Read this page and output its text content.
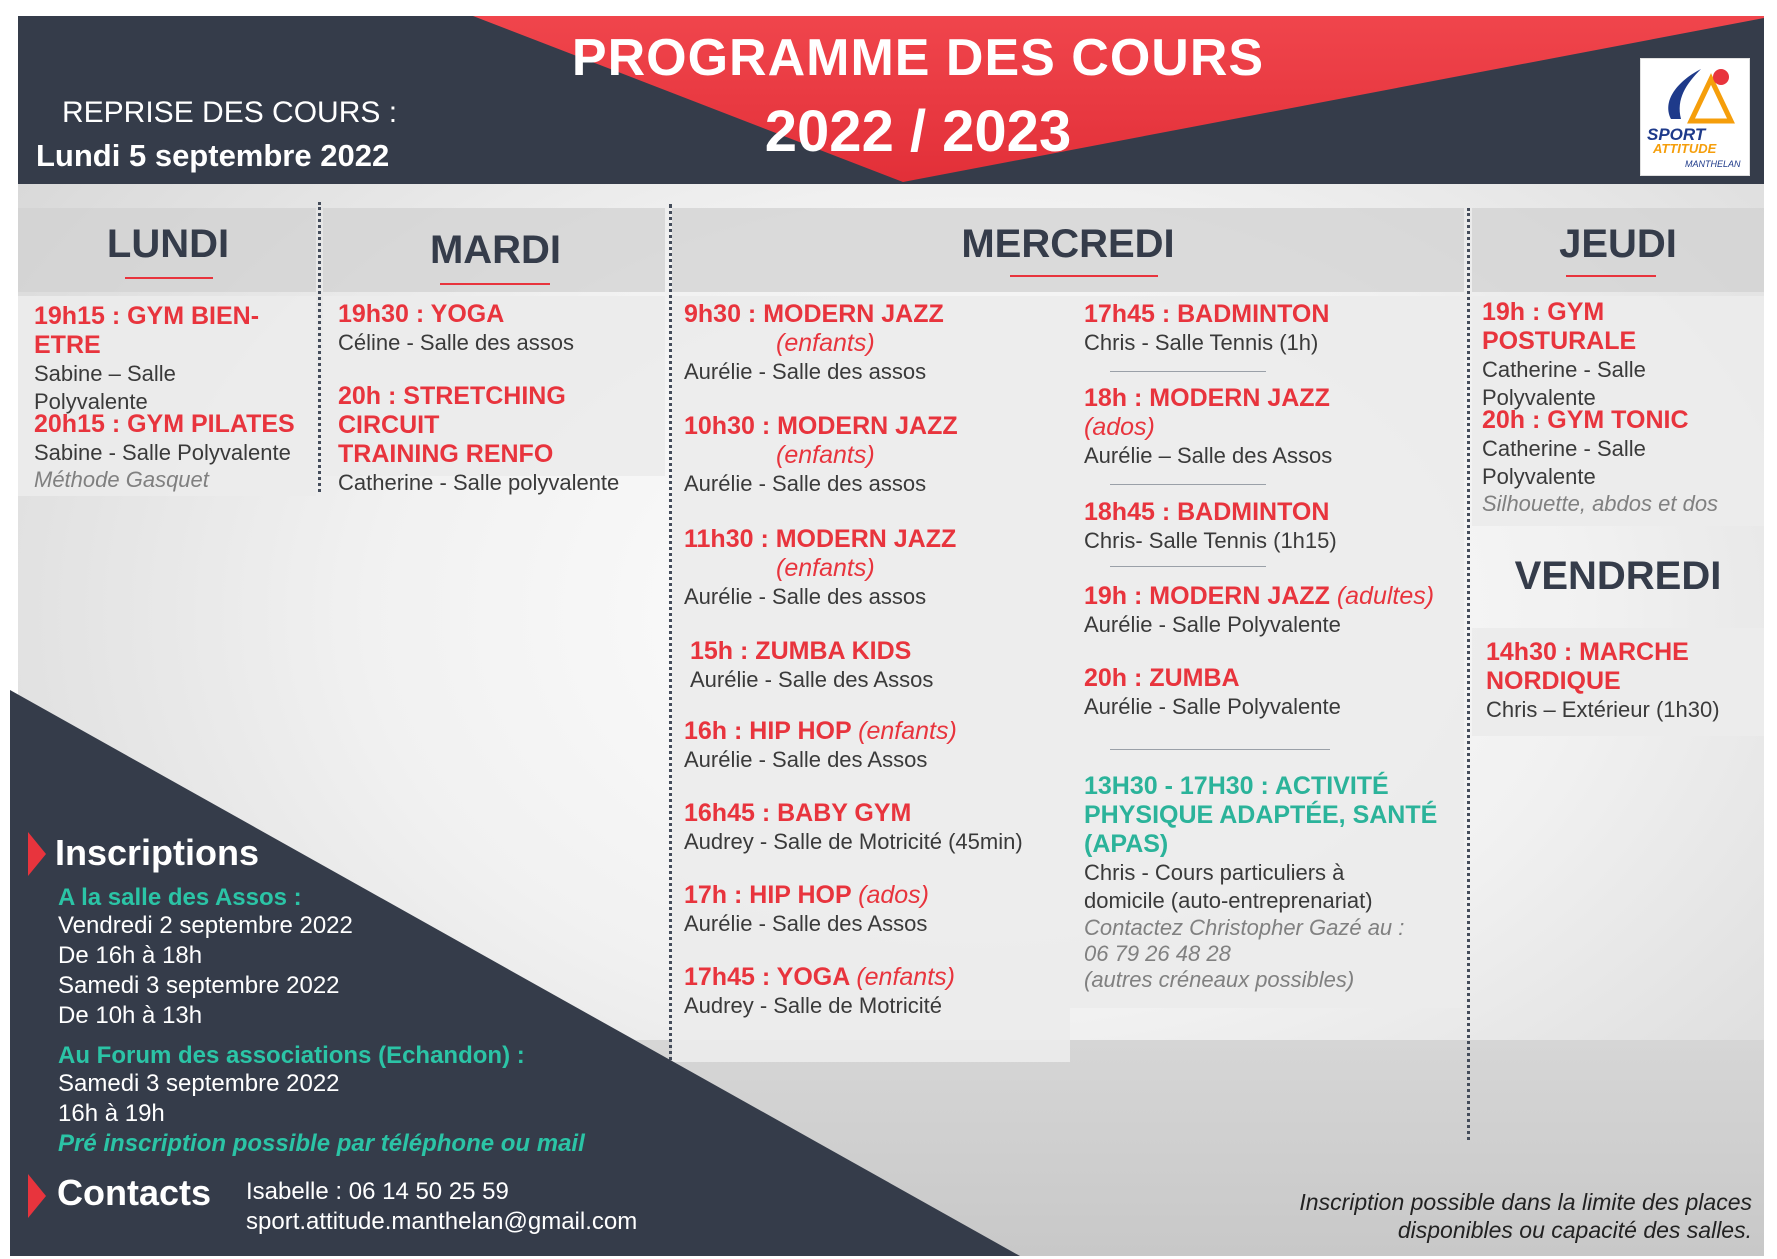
PROGRAMME DES COURS
2022 / 2023
REPRISE DES COURS :
Lundi 5 septembre 2022
SPORT
ATTITUDE
MANTHELAN
LUNDI	MARDI	MERCREDI	JEUDI
19h15 : GYM BIEN-ETRE
Sabine – Salle
Polyvalente
20h15 : GYM PILATES
Sabine - Salle Polyvalente
Méthode Gasquet
19h30 : YOGA
Céline - Salle des assos
20h : STRETCHING CIRCUIT
TRAINING RENFO
Catherine - Salle polyvalente
9h30 : MODERN JAZZ
(enfants)
Aurélie - Salle des assos
10h30 : MODERN JAZZ
(enfants)
Aurélie - Salle des assos
11h30 : MODERN JAZZ
(enfants)
Aurélie - Salle des assos
15h : ZUMBA KIDS
Aurélie - Salle des Assos
16h : HIP HOP (enfants)
Aurélie - Salle des Assos
16h45 : BABY GYM
Audrey - Salle de Motricité (45min)
17h : HIP HOP (ados)
Aurélie - Salle des Assos
17h45 : YOGA (enfants)
Audrey - Salle de Motricité
17h45 : BADMINTON
Chris - Salle Tennis (1h)
18h : MODERN JAZZ
(ados)
Aurélie – Salle des Assos
18h45 : BADMINTON
Chris- Salle Tennis (1h15)
19h : MODERN JAZZ (adultes)
Aurélie - Salle Polyvalente
20h : ZUMBA
Aurélie - Salle Polyvalente
13H30 - 17H30 : ACTIVITÉ
PHYSIQUE ADAPTÉE, SANTÉ
(APAS)
Chris - Cours particuliers à
domicile (auto-entreprenariat)
Contactez Christopher Gazé au :
06 79 26 48 28
(autres créneaux possibles)
19h : GYM POSTURALE
Catherine - Salle
Polyvalente
20h : GYM TONIC
Catherine - Salle
Polyvalente
Silhouette, abdos et dos
VENDREDI
14h30 : MARCHE
NORDIQUE
Chris – Extérieur (1h30)
Inscriptions
A la salle des Assos :
Vendredi 2 septembre 2022
De 16h à 18h
Samedi 3 septembre 2022
De 10h à 13h
Au Forum des associations (Echandon) :
Samedi 3 septembre 2022
16h à 19h
Pré inscription possible par téléphone ou mail
Contacts Isabelle : 06 14 50 25 59
sport.attitude.manthelan@gmail.com
Inscription possible dans la limite des places
disponibles ou capacité des salles.
